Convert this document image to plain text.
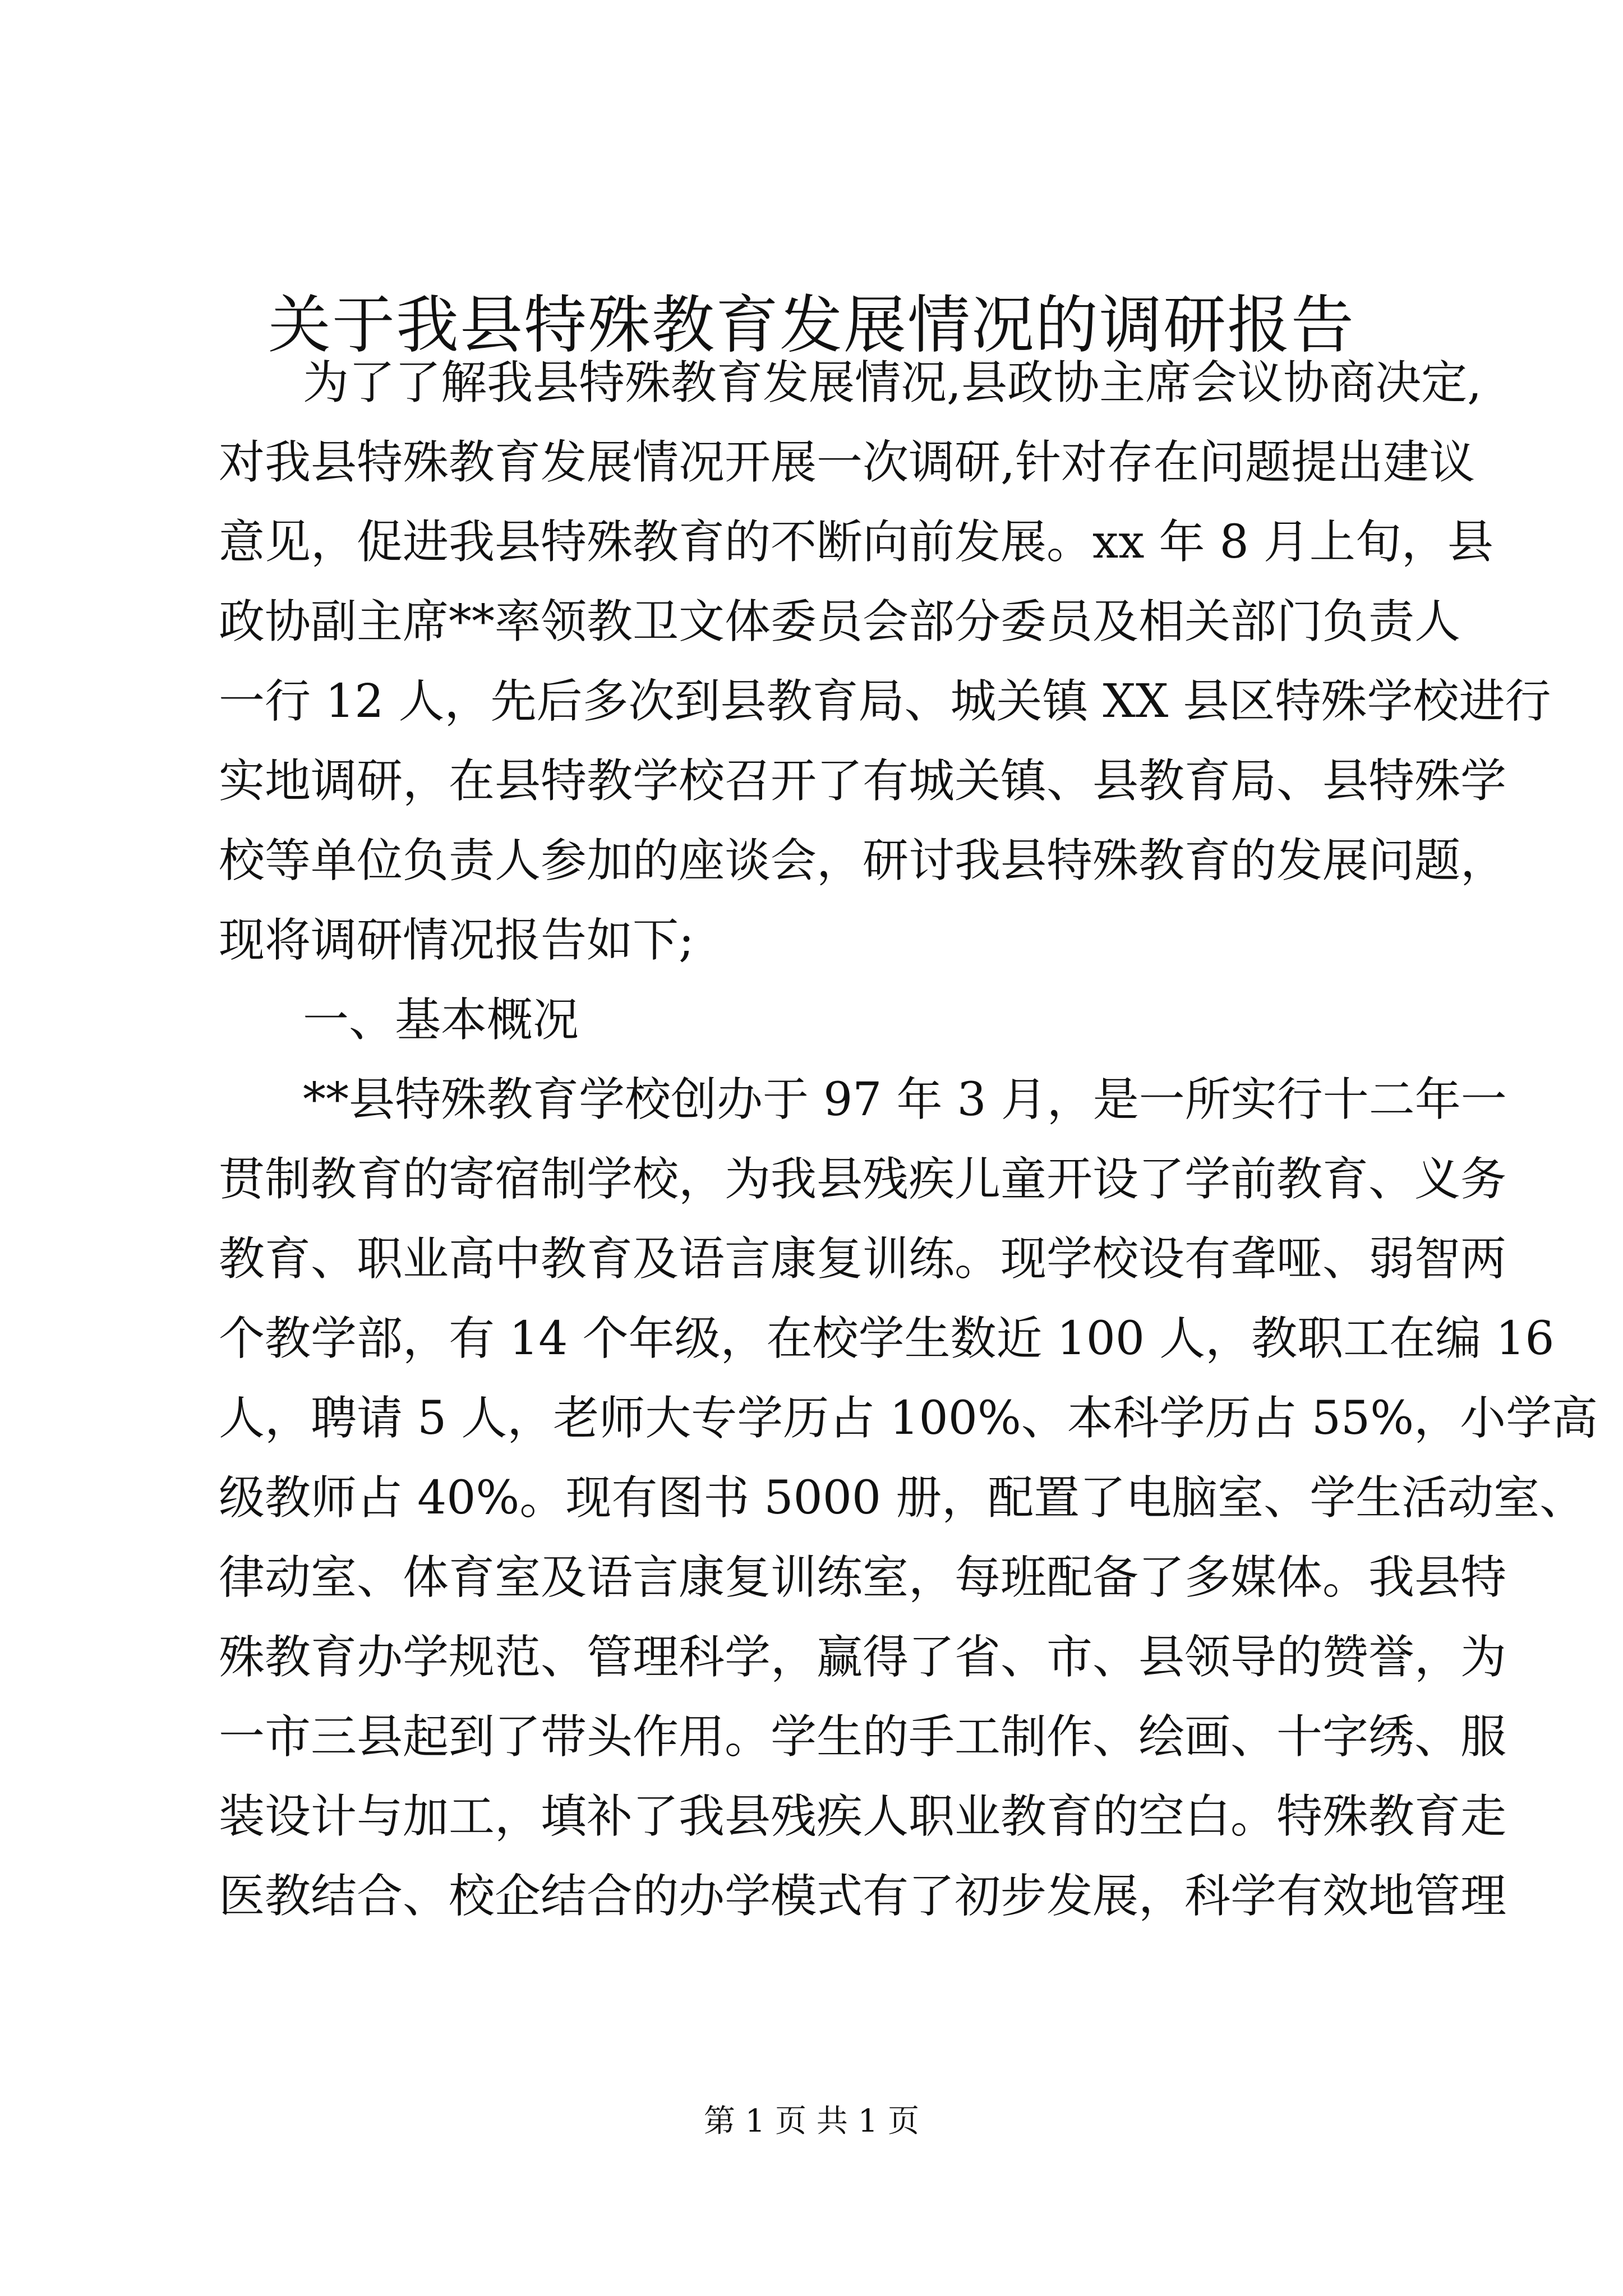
关于我县特殊教育发展情况的调研报告
为了了解我县特殊教育发展情况,县政协主席会议协商决定,
对我县特殊教育发展情况开展一次调研,针对存在问题提出建议
意见，促进我县特殊教育的不断向前发展。xx 年 8 月上旬，县
政协副主席**率领教卫文体委员会部分委员及相关部门负责人
一行 12 人，先后多次到县教育局、城关镇 XX 县区特殊学校进行
实地调研，在县特教学校召开了有城关镇、县教育局、县特殊学
校等单位负责人参加的座谈会，研讨我县特殊教育的发展问题，
现将调研情况报告如下;
一、基本概况
**县特殊教育学校创办于 97 年 3 月，是一所实行十二年一
贯制教育的寄宿制学校，为我县残疾儿童开设了学前教育、义务
教育、职业高中教育及语言康复训练。现学校设有聋哑、弱智两
个教学部，有 14 个年级，在校学生数近 100 人，教职工在编 16
人，聘请 5 人，老师大专学历占 100%、本科学历占 55%，小学高
级教师占 40%。现有图书 5000 册，配置了电脑室、学生活动室、
律动室、体育室及语言康复训练室，每班配备了多媒体。我县特
殊教育办学规范、管理科学，赢得了省、市、县领导的赞誉，为
一市三县起到了带头作用。学生的手工制作、绘画、十字绣、服
装设计与加工，填补了我县残疾人职业教育的空白。特殊教育走
医教结合、校企结合的办学模式有了初步发展，科学有效地管理
第 1 页 共 1 页
